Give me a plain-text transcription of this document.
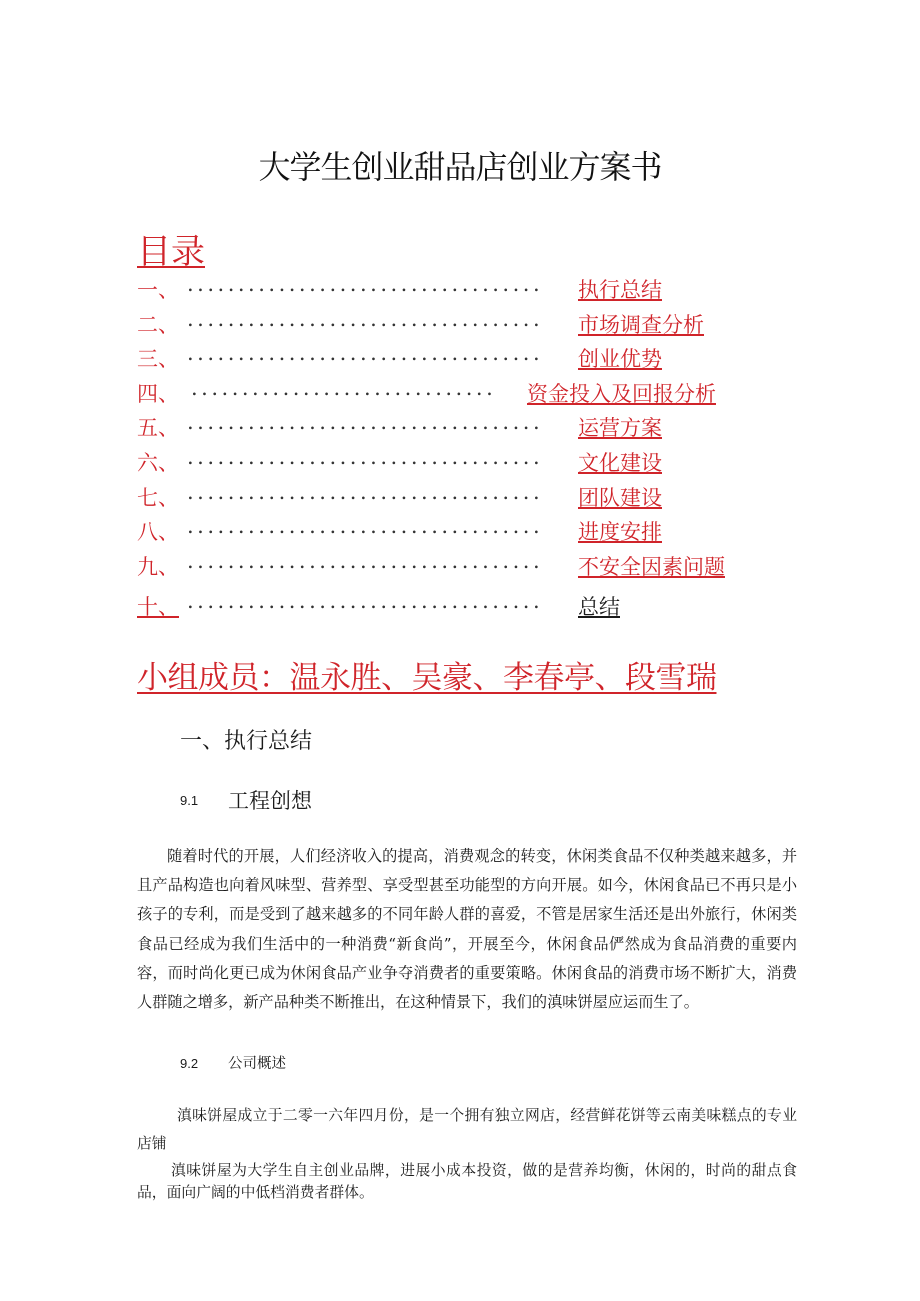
大学生创业甜品店创业方案书
目录
一、 ................................... 执行总结
二、 ................................... 市场调查分析
三、 ................................... 创业优势
四、 .............................. 资金投入及回报分析
五、 ................................... 运营方案
六、 ................................... 文化建设
七、 ................................... 团队建设
八、 ................................... 进度安排
九、 ................................... 不安全因素问题
十、 ................................... 总结
小组成员：温永胜、吴豪、李春亭、段雪瑞
一、执行总结
9.1 工程创想

随着时代的开展，人们经济收入的提高，消费观念的转变，休闲类食品不仅种类越来越多，并且产品构造也向着风味型、营养型、享受型甚至功能型的方向开展。如今，休闲食品已不再只是小孩子的专利，而是受到了越来越多的不同年龄人群的喜爱，不管是居家生活还是出外旅行，休闲类食品已经成为我们生活中的一种消费“新食尚”，开展至今，休闲食品俨然成为食品消费的重要内容，而时尚化更已成为休闲食品产业争夺消费者的重要策略。休闲食品的消费市场不断扩大，消费人群随之增多，新产品种类不断推出，在这种情景下，我们的滇味饼屋应运而生了。

9.2 公司概述

滇味饼屋成立于二零一六年四月份，是一个拥有独立网店，经营鲜花饼等云南美味糕点的专业店铺

滇味饼屋为大学生自主创业品牌，进展小成本投资，做的是营养均衡，休闲的，时尚的甜点食品，面向广阔的中低档消费者群体。
